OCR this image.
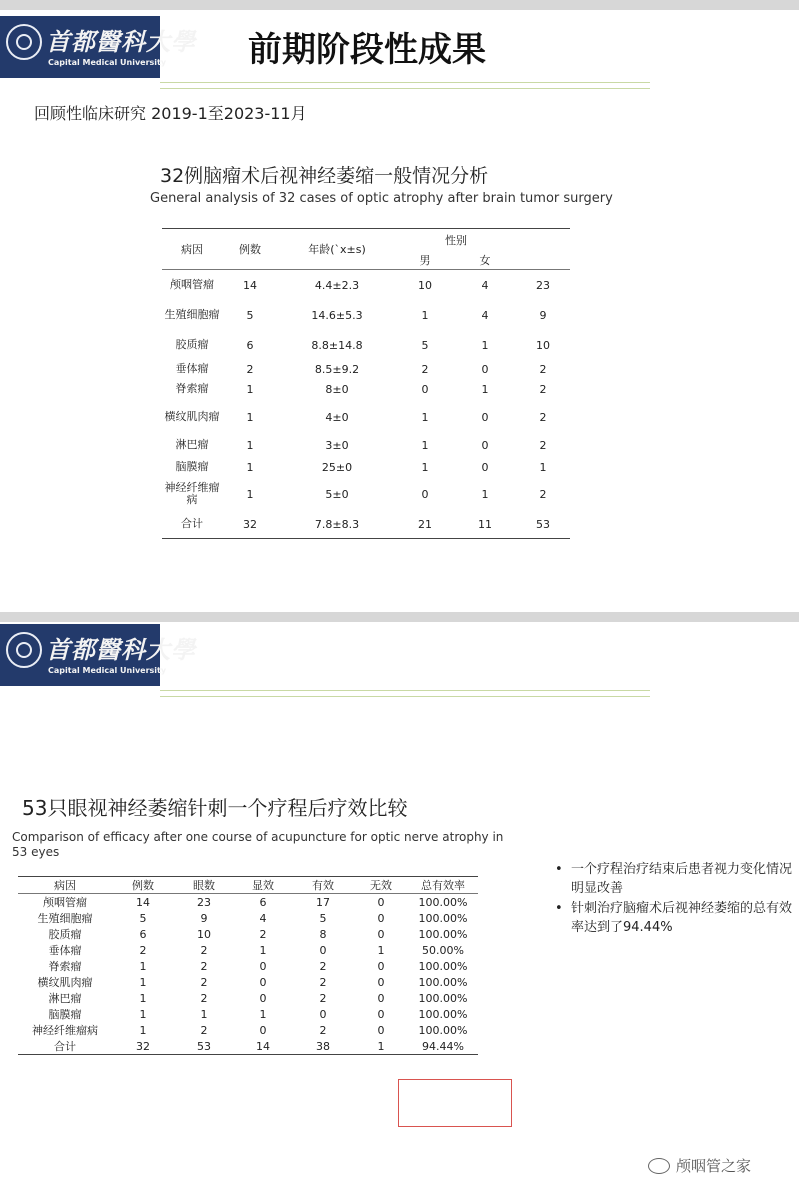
首都醫科大學
Capital Medical University 前期阶段性成果
回顾性临床研究 2019-1至2023-11月
32例脑瘤术后视神经萎缩一般情况分析
General analysis of 32 cases of optic atrophy after brain tumor surgery
病因	例数	年龄(`x±s)	性别		
			男	女	
颅咽管瘤	14	4.4±2.3	10	4	23
生殖细胞瘤	5	14.6±5.3	1	4	9
胶质瘤	6	8.8±14.8	5	1	10
垂体瘤	2	8.5±9.2	2	0	2
脊索瘤	1	8±0	0	1	2
横纹肌肉瘤	1	4±0	1	0	2
淋巴瘤	1	3±0	1	0	2
脑膜瘤	1	25±0	1	0	1
神经纤维瘤病	1	5±0	0	1	2
合计	32	7.8±8.3	21	11	53
首都醫科大學
Capital Medical University
53只眼视神经萎缩针刺一个疗程后疗效比较
Comparison of efficacy after one course of acupuncture for optic nerve atrophy in
53 eyes
病因	例数	眼数	显效	有效	无效	总有效率
颅咽管瘤	14	23	6	17	0	100.00%
生殖细胞瘤	5	9	4	5	0	100.00%
胶质瘤	6	10	2	8	0	100.00%
垂体瘤	2	2	1	0	1	50.00%
脊索瘤	1	2	0	2	0	100.00%
横纹肌肉瘤	1	2	0	2	0	100.00%
淋巴瘤	1	2	0	2	0	100.00%
脑膜瘤	1	1	1	0	0	100.00%
神经纤维瘤病	1	2	0	2	0	100.00%
合计	32	53	14	38	1	94.44%
• 一个疗程治疗结束后患者视力变化情况明显改善
• 针刺治疗脑瘤术后视神经萎缩的总有效率达到了94.44%
颅咽管之家
